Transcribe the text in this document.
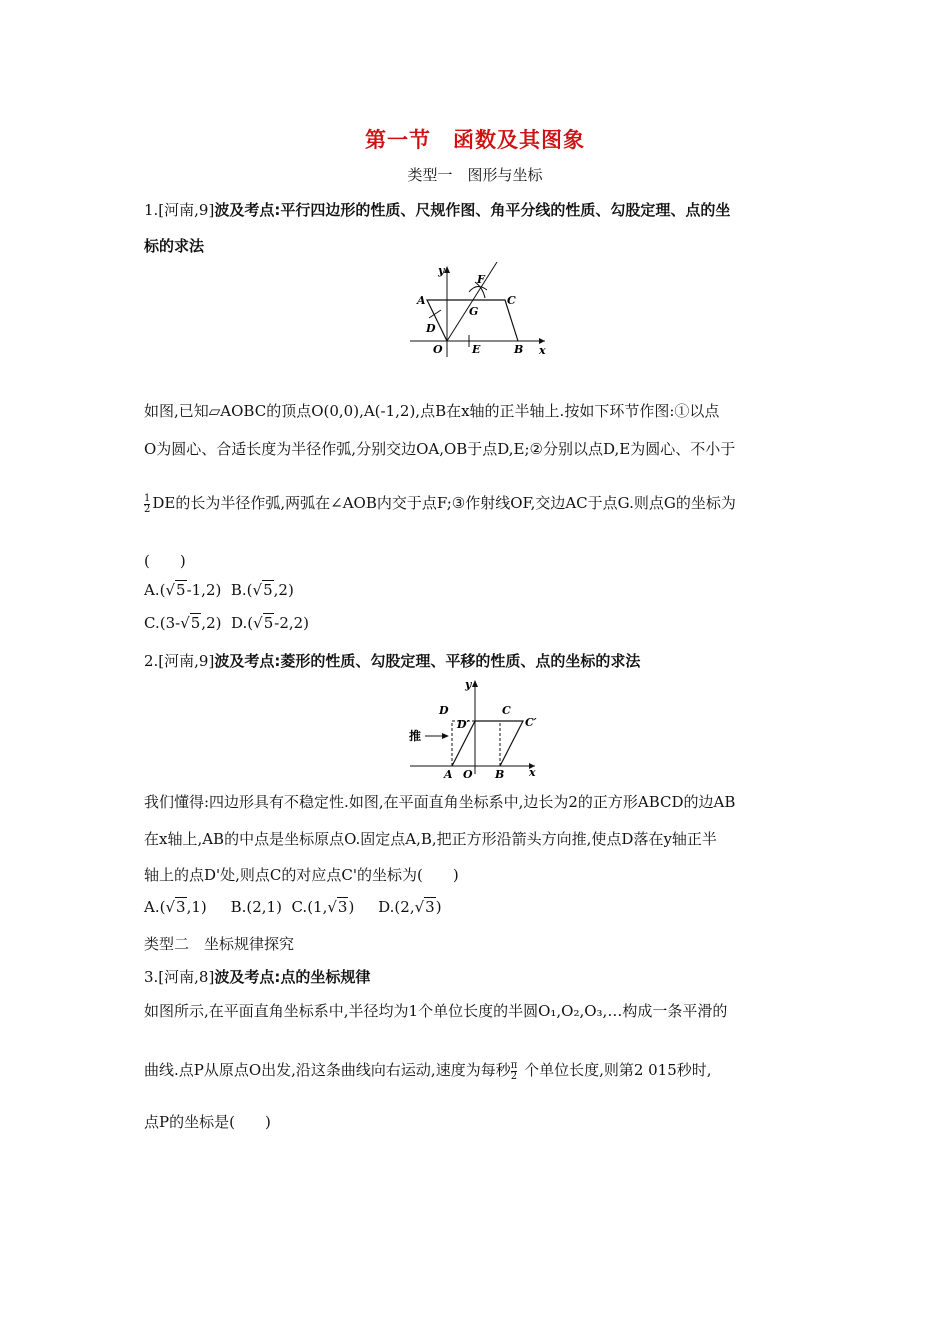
第一节　函数及其图象
类型一　图形与坐标
1.[河南,9]波及考点:平行四边形的性质、尺规作图、角平分线的性质、勾股定理、点的坐
标的求法
y
x
A	C
F
G
D
O	E	B
如图,已知▱AOBC的顶点O(0,0),A(-1,2),点B在x轴的正半轴上.按如下环节作图:①以点
O为圆心、合适长度为半径作弧,分别交边OA,OB于点D,E;②分别以点D,E为圆心、不小于
$\frac{1}{2}$ DE的长为半径作弧,两弧在∠AOB内交于点F;③作射线OF,交边AC于点G.则点G的坐标为
(　　)
A.(√5-1,2) B.(√5,2)
C.(3-√5,2) D.(√5-2,2)
2.[河南,9]波及考点:菱形的性质、勾股定理、平移的性质、点的坐标的求法
y
x
D
D′
C
C′
推
A O B
我们懂得:四边形具有不稳定性.如图,在平面直角坐标系中,边长为2的正方形ABCD的边AB
在x轴上,AB的中点是坐标原点O.固定点A,B,把正方形沿箭头方向推,使点D落在y轴正半
轴上的点D'处,则点C的对应点C'的坐标为(　　)
A.(√3,1) B.(2,1) C.(1,√3) D.(2,√3)
类型二　坐标规律探究
3.[河南,8]波及考点:点的坐标规律
如图所示,在平面直角坐标系中,半径均为1个单位长度的半圆O₁,O₂,O₃,…构成一条平滑的
曲线.点P从原点O出发,沿这条曲线向右运动,速度为每秒 $\frac{\pi}{2}$ 个单位长度,则第2 015秒时,
点P的坐标是(　　)
